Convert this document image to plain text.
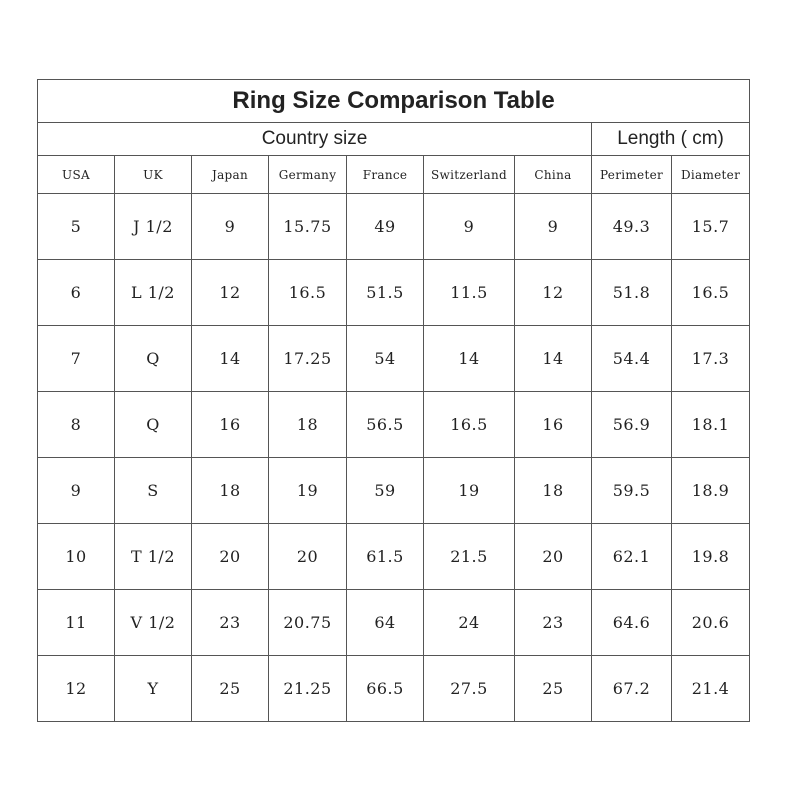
Ring Size Comparison Table								
Country size							Length ( cm)	
USA	UK	Japan	Germany	France	Switzerland	China	Perimeter	Diameter
5	J 1/2	9	15.75	49	9	9	49.3	15.7
6	L 1/2	12	16.5	51.5	11.5	12	51.8	16.5
7	Q	14	17.25	54	14	14	54.4	17.3
8	Q	16	18	56.5	16.5	16	56.9	18.1
9	S	18	19	59	19	18	59.5	18.9
10	T 1/2	20	20	61.5	21.5	20	62.1	19.8
11	V 1/2	23	20.75	64	24	23	64.6	20.6
12	Y	25	21.25	66.5	27.5	25	67.2	21.4
